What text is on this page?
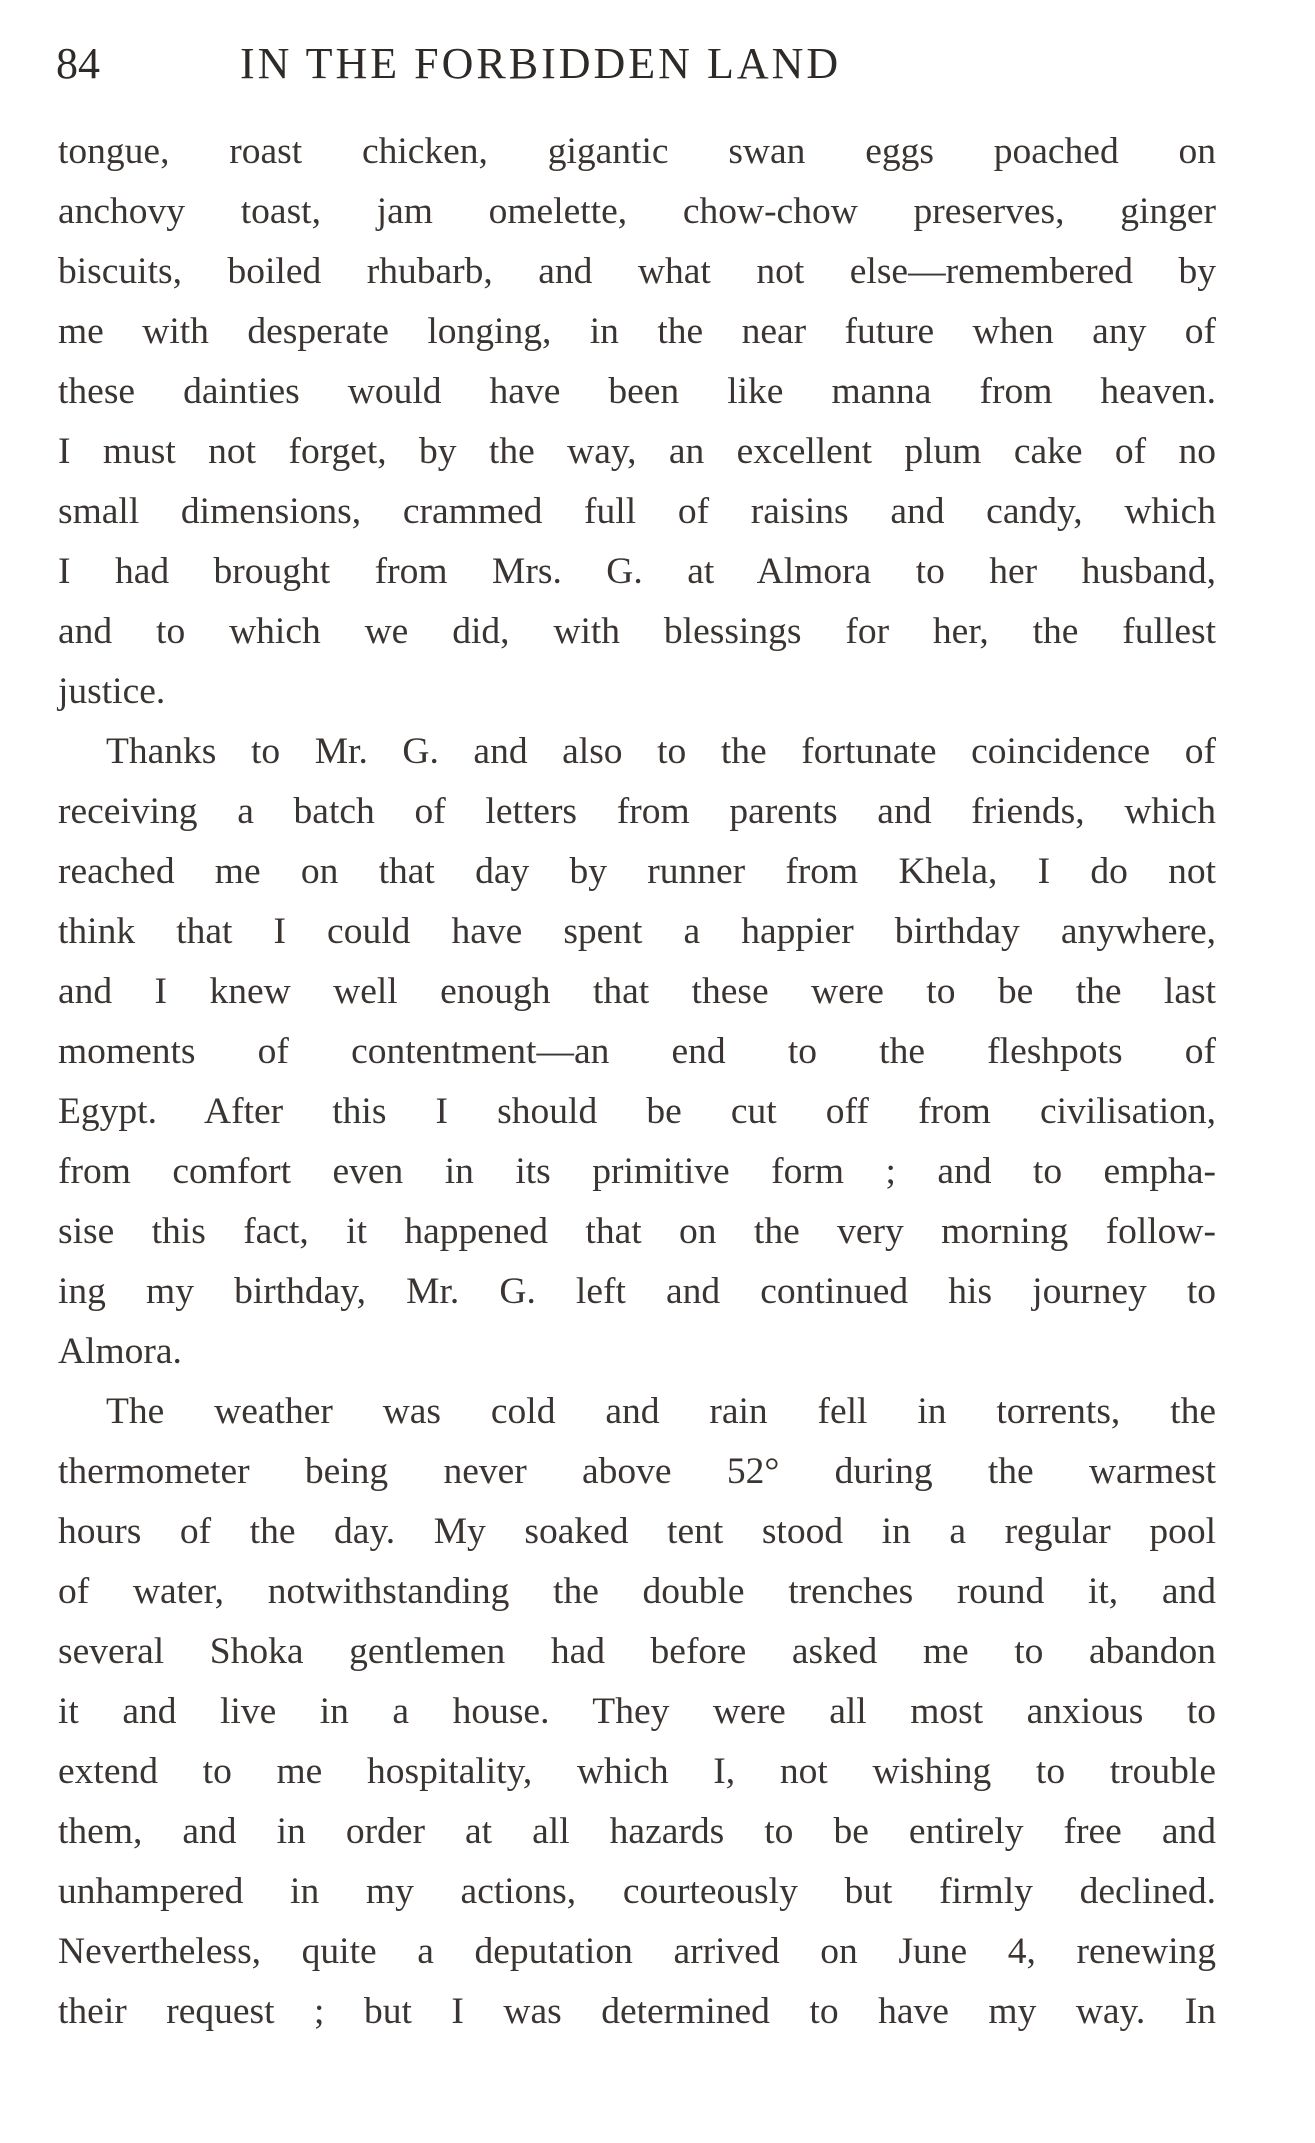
84	IN THE FORBIDDEN LAND
tongue, roast chicken, gigantic swan eggs poached on
anchovy toast, jam omelette, chow-chow preserves, ginger
biscuits, boiled rhubarb, and what not else—remembered by
me with desperate longing, in the near future when any of
these dainties would have been like manna from heaven.
I must not forget, by the way, an excellent plum cake of no
small dimensions, crammed full of raisins and candy, which
I had brought from Mrs. G. at Almora to her husband,
and to which we did, with blessings for her, the fullest
justice.
Thanks to Mr. G. and also to the fortunate coincidence of
receiving a batch of letters from parents and friends, which
reached me on that day by runner from Khela, I do not
think that I could have spent a happier birthday anywhere,
and I knew well enough that these were to be the last
moments of contentment—an end to the fleshpots of
Egypt. After this I should be cut off from civilisation,
from comfort even in its primitive form ; and to empha-
sise this fact, it happened that on the very morning follow-
ing my birthday, Mr. G. left and continued his journey to
Almora.
The weather was cold and rain fell in torrents, the
thermometer being never above 52° during the warmest
hours of the day. My soaked tent stood in a regular pool
of water, notwithstanding the double trenches round it, and
several Shoka gentlemen had before asked me to abandon
it and live in a house. They were all most anxious to
extend to me hospitality, which I, not wishing to trouble
them, and in order at all hazards to be entirely free and
unhampered in my actions, courteously but firmly declined.
Nevertheless, quite a deputation arrived on June 4, renewing
their request ; but I was determined to have my way. In
